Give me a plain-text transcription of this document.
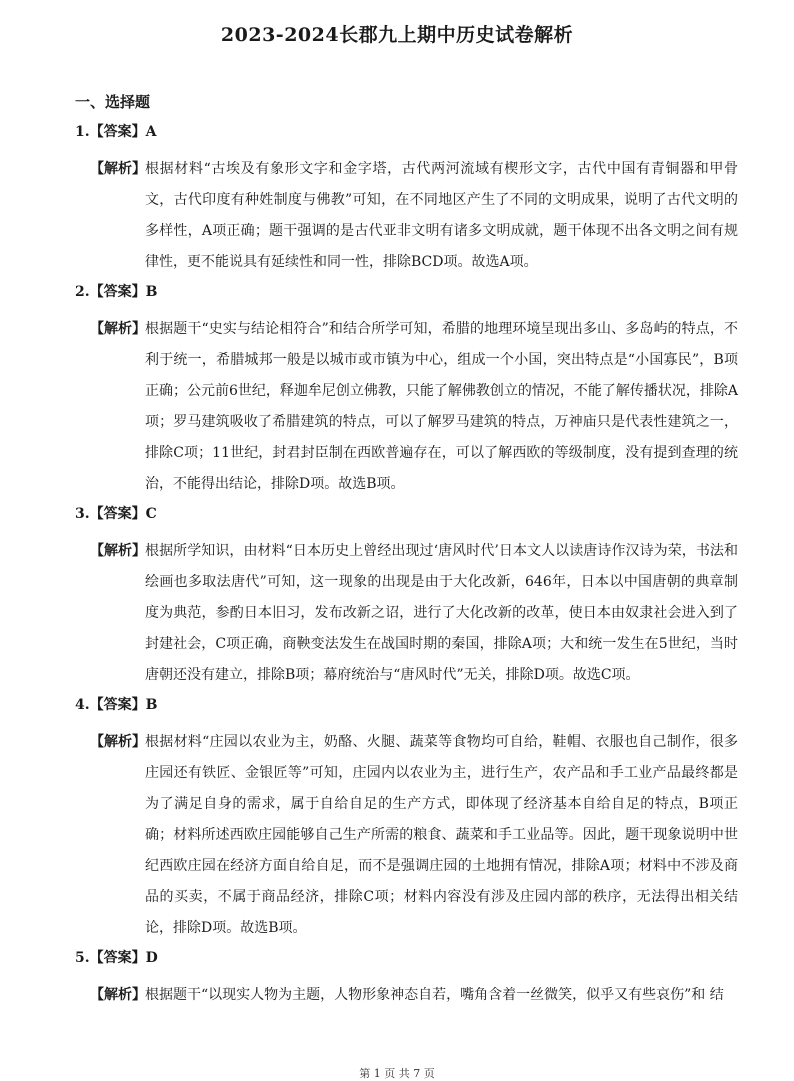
2023-2024长郡九上期中历史试卷解析
一、选择题
1.【答案】A
【解析】 根据材料“古埃及有象形文字和金字塔，古代两河流域有楔形文字，古代中国有青铜器和甲骨文，古代印度有种姓制度与佛教”可知，在不同地区产生了不同的文明成果，说明了古代文明的多样性，A项正确；题干强调的是古代亚非文明有诸多文明成就，题干体现不出各文明之间有规律性，更不能说具有延续性和同一性，排除BCD项。故选A项。
2.【答案】B
【解析】 根据题干“史实与结论相符合”和结合所学可知，希腊的地理环境呈现出多山、多岛屿的特点，不利于统一，希腊城邦一般是以城市或市镇为中心，组成一个小国，突出特点是“小国寡民”，B项正确；公元前6世纪，释迦牟尼创立佛教，只能了解佛教创立的情况，不能了解传播状况，排除A项；罗马建筑吸收了希腊建筑的特点，可以了解罗马建筑的特点，万神庙只是代表性建筑之一，排除C项；11世纪，封君封臣制在西欧普遍存在，可以了解西欧的等级制度，没有提到查理的统治，不能得出结论，排除D项。故选B项。
3.【答案】C
【解析】 根据所学知识，由材料“日本历史上曾经出现过‘唐风时代’日本文人以读唐诗作汉诗为荣，书法和绘画也多取法唐代”可知，这一现象的出现是由于大化改新，646年，日本以中国唐朝的典章制度为典范，参酌日本旧习，发布改新之诏，进行了大化改新的改革，使日本由奴隶社会进入到了封建社会，C项正确，商鞅变法发生在战国时期的秦国，排除A项；大和统一发生在5世纪，当时唐朝还没有建立，排除B项；幕府统治与“唐风时代”无关，排除D项。故选C项。
4.【答案】B
【解析】 根据材料“庄园以农业为主，奶酪、火腿、蔬菜等食物均可自给，鞋帽、衣服也自己制作，很多庄园还有铁匠、金银匠等”可知，庄园内以农业为主，进行生产，农产品和手工业产品最终都是为了满足自身的需求，属于自给自足的生产方式，即体现了经济基本自给自足的特点，B项正确；材料所述西欧庄园能够自己生产所需的粮食、蔬菜和手工业品等。因此，题干现象说明中世纪西欧庄园在经济方面自给自足，而不是强调庄园的土地拥有情况，排除A项；材料中不涉及商品的买卖，不属于商品经济，排除C项；材料内容没有涉及庄园内部的秩序，无法得出相关结论，排除D项。故选B项。
5.【答案】D
【解析】 根据题干“以现实人物为主题，人物形象神态自若，嘴角含着一丝微笑，似乎又有些哀伤”和 结
第 1 页 共 7 页
